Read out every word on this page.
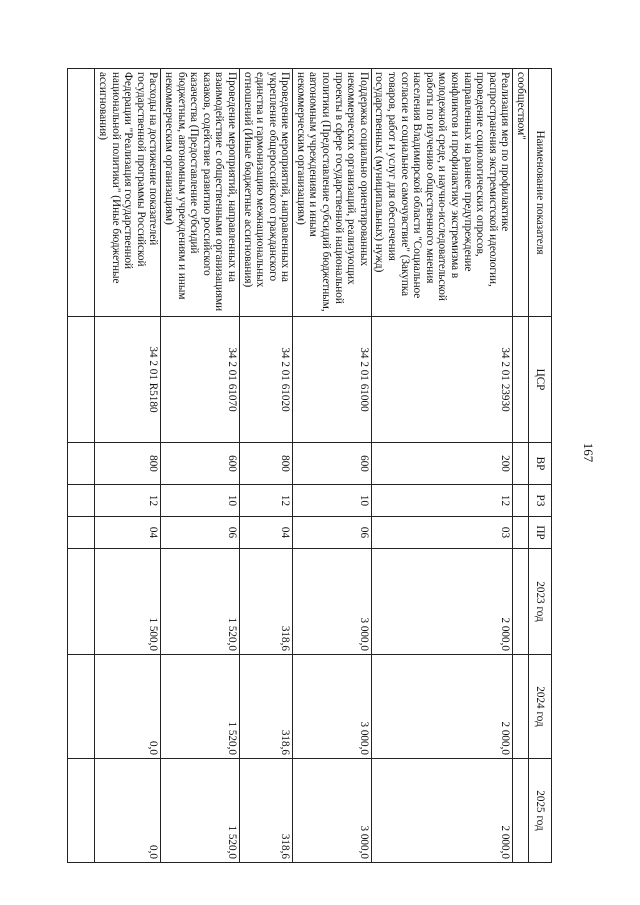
167
Наименование показателя	ЦСР	ВР	РЗ	ПР	2023 год	2024 год	2025 год
сообществом"							
Реализация мер по профилактике распространения экстремистской идеологии, проведение социологических опросов, направленных на раннее предупреждение конфликтов и профилактику экстремизма в молодежной среде, и научно-исследовательской работы по изучению общественного мнения населения Владимирской области "Социальное согласие и социальное самочувствие" (Закупка товаров, работ и услуг для обеспечения государственных (муниципальных) нужд)	34 2 01 23930	200	12	03	2 000,0	2 000,0	2 000,0
Поддержка социально ориентированных некоммерческих организаций, реализующих проекты в сфере государственной национальной политики (Предоставление субсидий бюджетным, автономным учреждениям и иным некоммерческим организациям)	34 2 01 61000	600	10	06	3 000,0	3 000,0	3 000,0
Проведение мероприятий, направленных на укрепление общероссийского гражданского единства и гармонизацию межнациональных отношений (Иные бюджетные ассигнования)	34 2 01 61020	800	12	04	318,6	318,6	318,6
Проведение мероприятий, направленных на взаимодействие с общественными организациями казаков, содействие развитию российского казачества (Предоставление субсидий бюджетным, автономным учреждениям и иным некоммерческим организациям)	34 2 01 61070	600	10	06	1 520,0	1 520,0	1 520,0
Расходы на достижение показателей государственной программы Российской Федерации "Реализация государственной национальной политики" (Иные бюджетные ассигнования)	34 2 01 R5180	800	12	04	1 500,0	0,0	0,0
